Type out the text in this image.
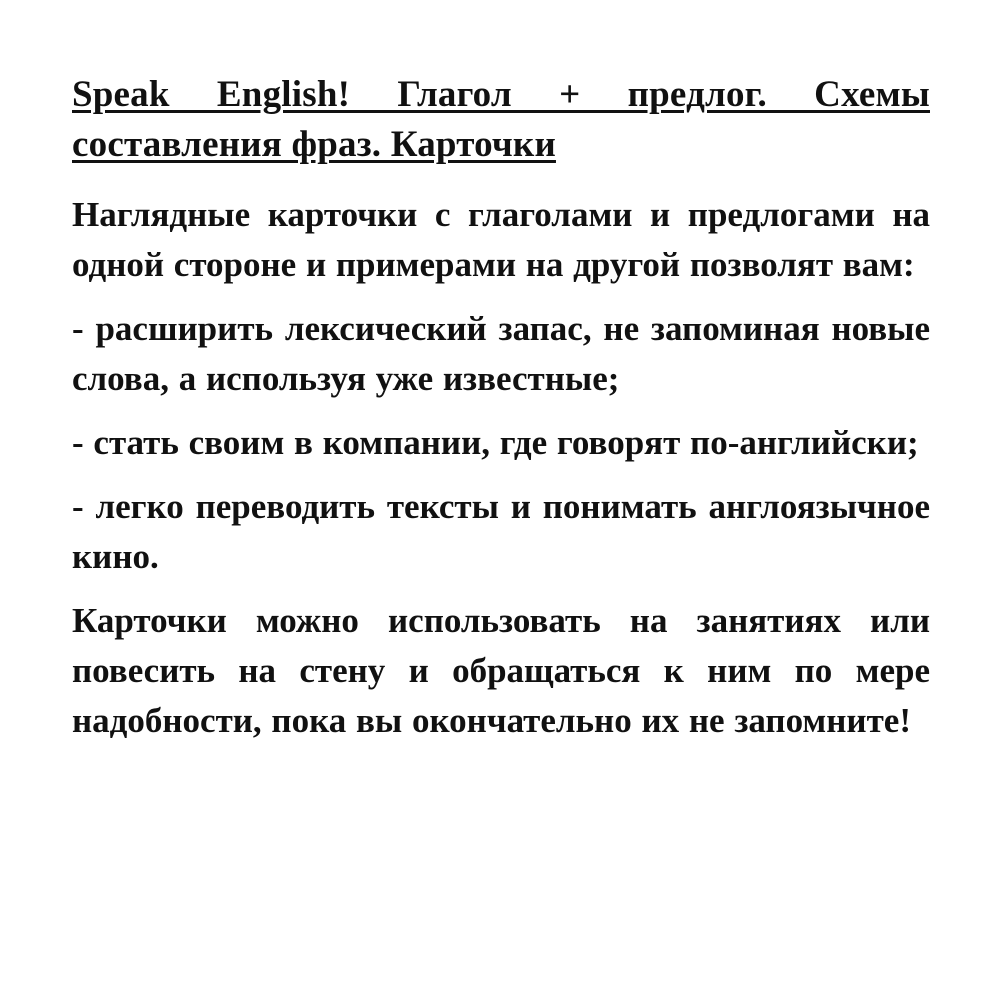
Speak English! Глагол + предлог. Схемы составления фраз. Карточки

Наглядные карточки с глаголами и предлогами на одной стороне и примерами на другой позволят вам:

- расширить лексический запас, не запоминая новые слова, а используя уже известные;

- стать своим в компании, где говорят по-английски;

- легко переводить тексты и понимать англоязычное кино.

Карточки можно использовать на занятиях или повесить на стену и обращаться к ним по мере надобности, пока вы окончательно их не запомните!
